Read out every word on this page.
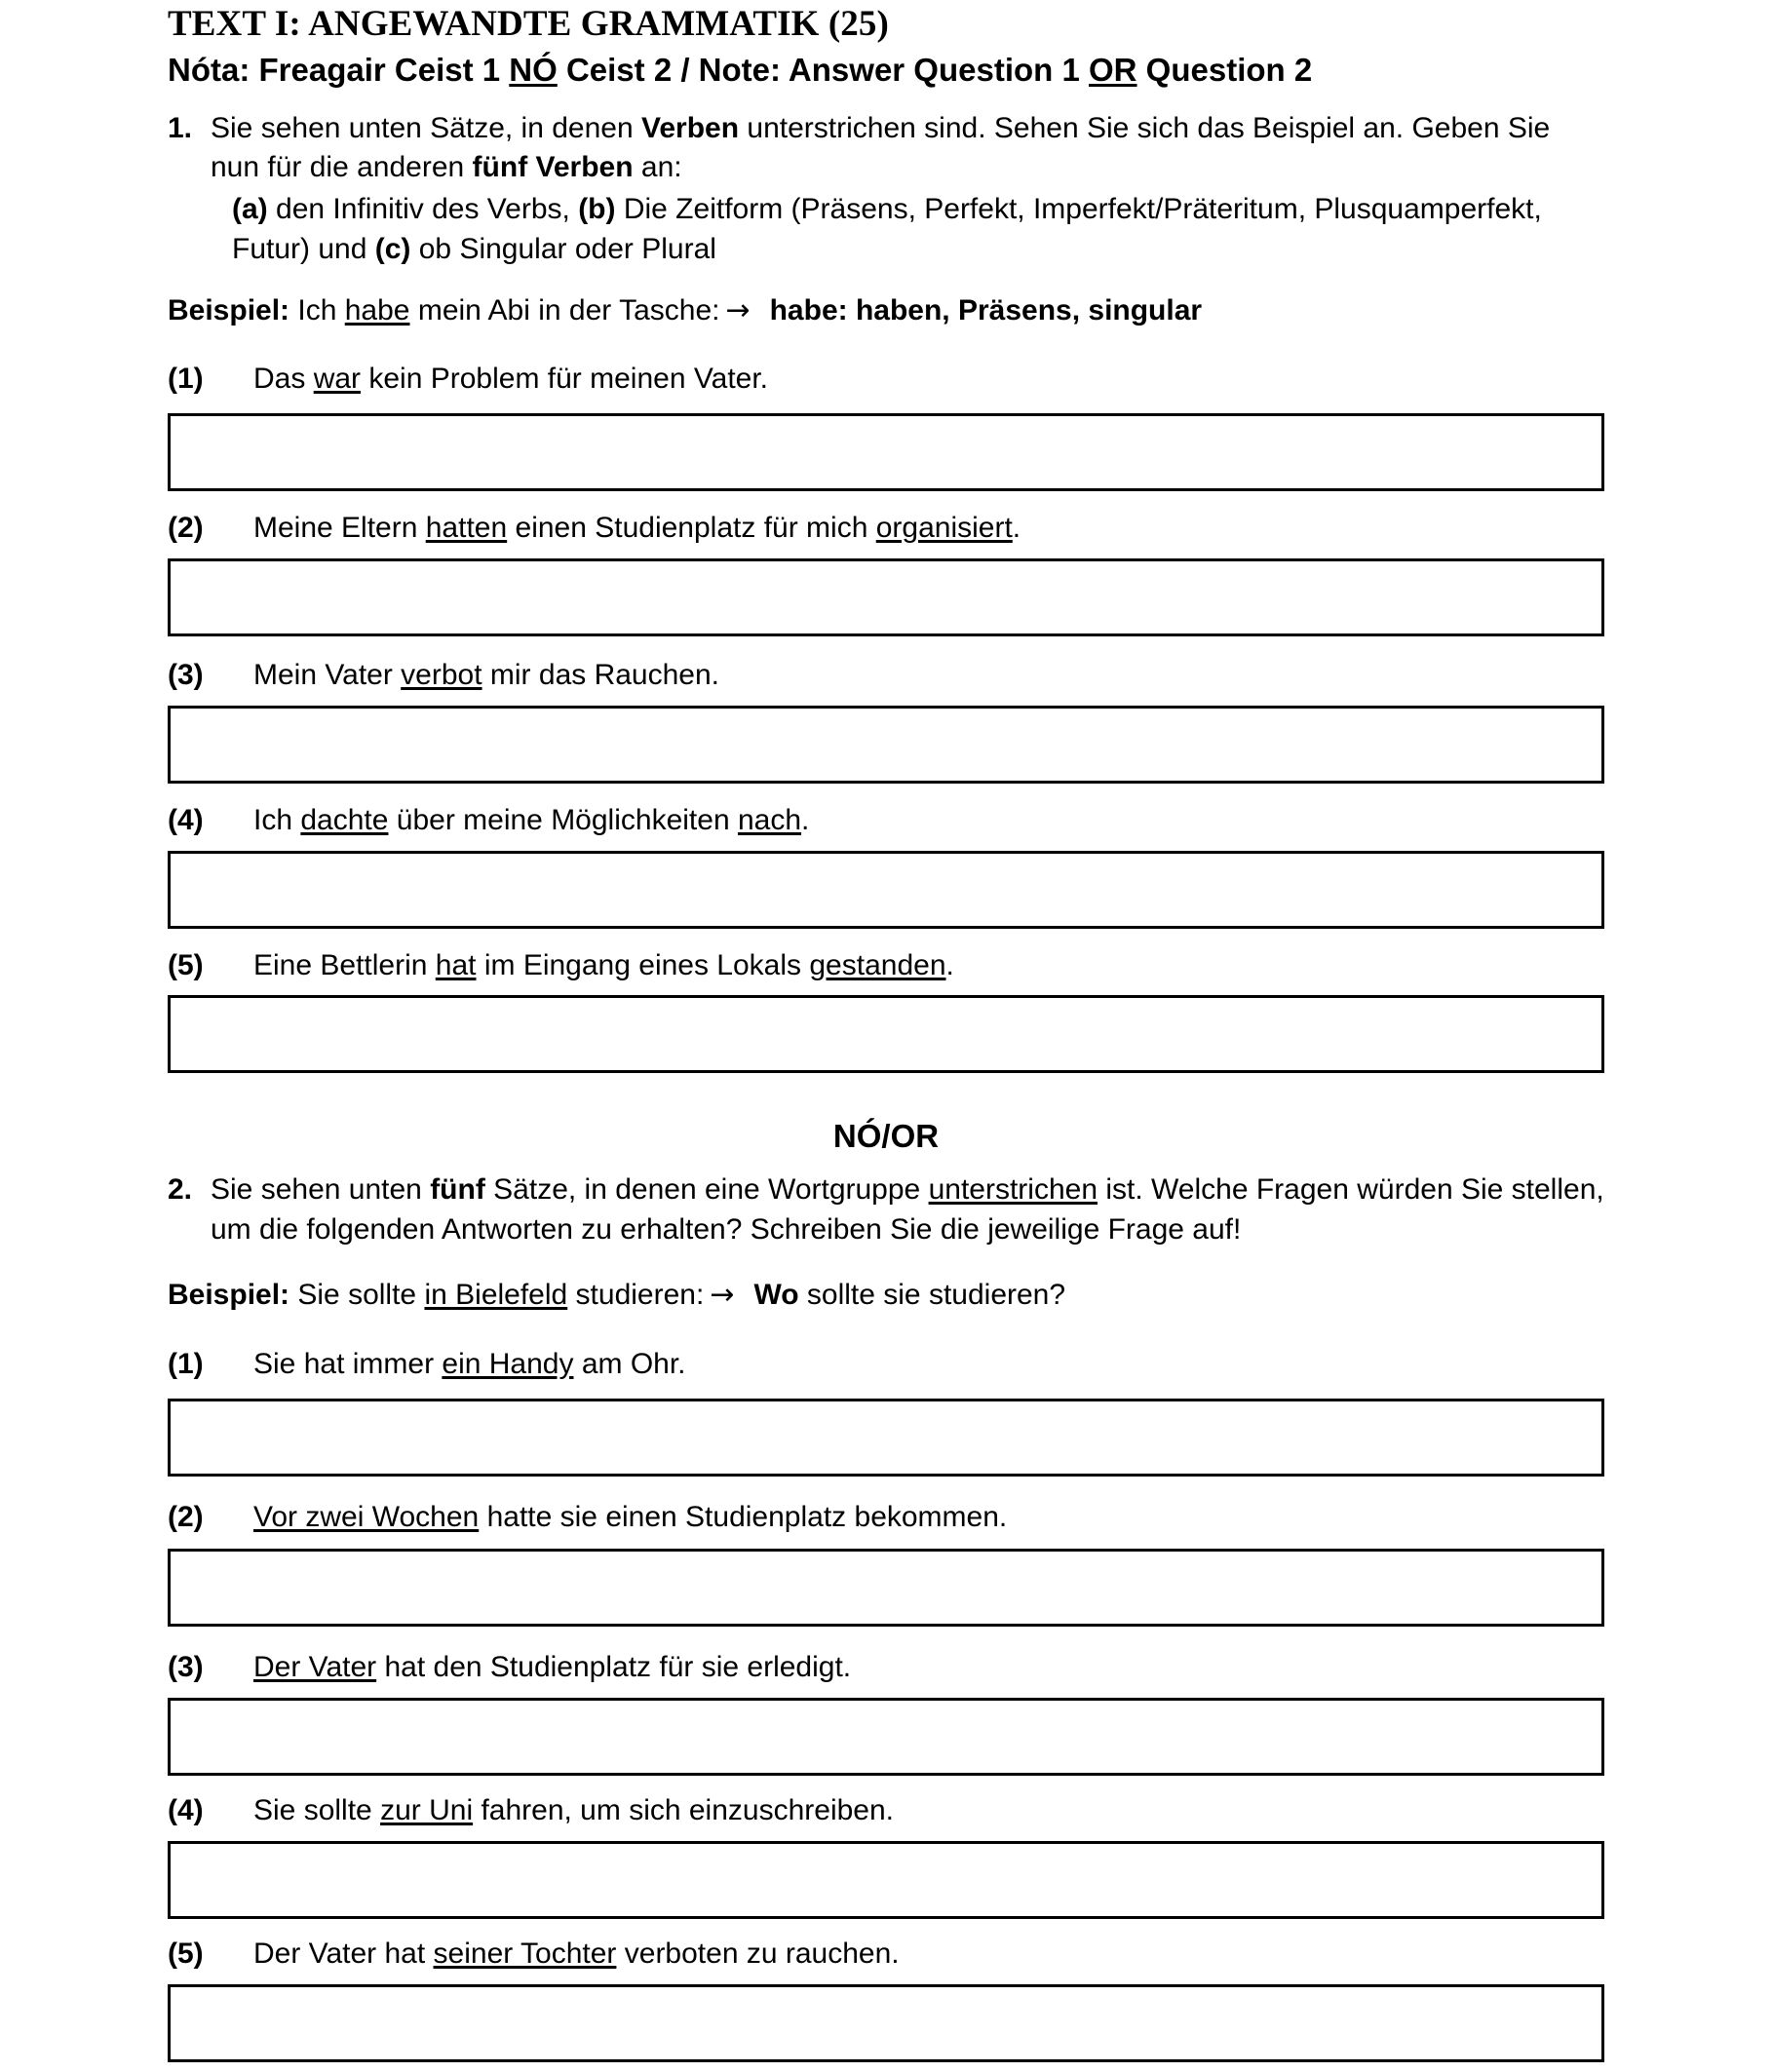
TEXT I: ANGEWANDTE GRAMMATIK (25)
Nóta: Freagair Ceist 1 NÓ Ceist 2 / Note: Answer Question 1 OR Question 2
1. Sie sehen unten Sätze, in denen Verben unterstrichen sind. Sehen Sie sich das Beispiel an. Geben Sie nun für die anderen fünf Verben an:
(a) den Infinitiv des Verbs, (b) Die Zeitform (Präsens, Perfekt, Imperfekt/Präteritum, Plusquamperfekt, Futur) und (c) ob Singular oder Plural
Beispiel: Ich habe mein Abi in der Tasche: → habe: haben, Präsens, singular
(1) Das war kein Problem für meinen Vater.
(2) Meine Eltern hatten einen Studienplatz für mich organisiert.
(3) Mein Vater verbot mir das Rauchen.
(4) Ich dachte über meine Möglichkeiten nach.
(5) Eine Bettlerin hat im Eingang eines Lokals gestanden.
NÓ/OR
2. Sie sehen unten fünf Sätze, in denen eine Wortgruppe unterstrichen ist. Welche Fragen würden Sie stellen, um die folgenden Antworten zu erhalten? Schreiben Sie die jeweilige Frage auf!
Beispiel: Sie sollte in Bielefeld studieren: → Wo sollte sie studieren?
(1) Sie hat immer ein Handy am Ohr.
(2) Vor zwei Wochen hatte sie einen Studienplatz bekommen.
(3) Der Vater hat den Studienplatz für sie erledigt.
(4) Sie sollte zur Uni fahren, um sich einzuschreiben.
(5) Der Vater hat seiner Tochter verboten zu rauchen.
